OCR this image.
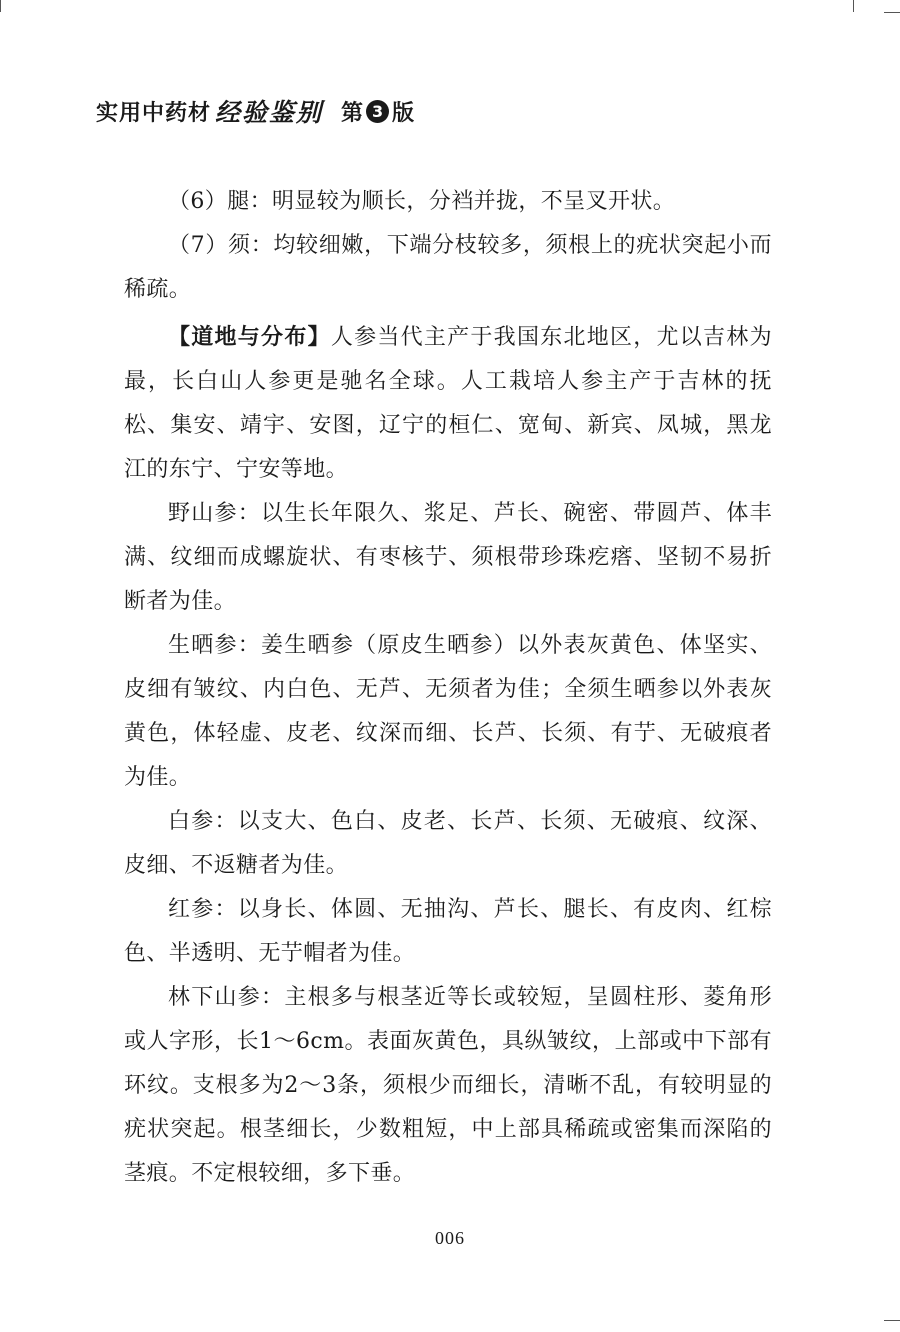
实用中药材 经验鉴别 第 3 版

（6）腿：明显较为顺长，分裆并拢，不呈叉开状。

（7）须：均较细嫩，下端分枝较多，须根上的疣状突起小而稀疏。

【道地与分布】人参当代主产于我国东北地区，尤以吉林为最，长白山人参更是驰名全球。人工栽培人参主产于吉林的抚松、集安、靖宇、安图，辽宁的桓仁、宽甸、新宾、凤城，黑龙江的东宁、宁安等地。

野山参：以生长年限久、浆足、芦长、碗密、带圆芦、体丰满、纹细而成螺旋状、有枣核艼、须根带珍珠疙瘩、坚韧不易折断者为佳。

生晒参：姜生晒参（原皮生晒参）以外表灰黄色、体坚实、皮细有皱纹、内白色、无芦、无须者为佳；全须生晒参以外表灰黄色，体轻虚、皮老、纹深而细、长芦、长须、有艼、无破痕者为佳。

白参：以支大、色白、皮老、长芦、长须、无破痕、纹深、皮细、不返糖者为佳。

红参：以身长、体圆、无抽沟、芦长、腿长、有皮肉、红棕色、半透明、无艼帽者为佳。

林下山参：主根多与根茎近等长或较短，呈圆柱形、菱角形或人字形，长1～6cm。表面灰黄色，具纵皱纹，上部或中下部有环纹。支根多为2～3条，须根少而细长，清晰不乱，有较明显的疣状突起。根茎细长，少数粗短，中上部具稀疏或密集而深陷的茎痕。不定根较细，多下垂。

006
